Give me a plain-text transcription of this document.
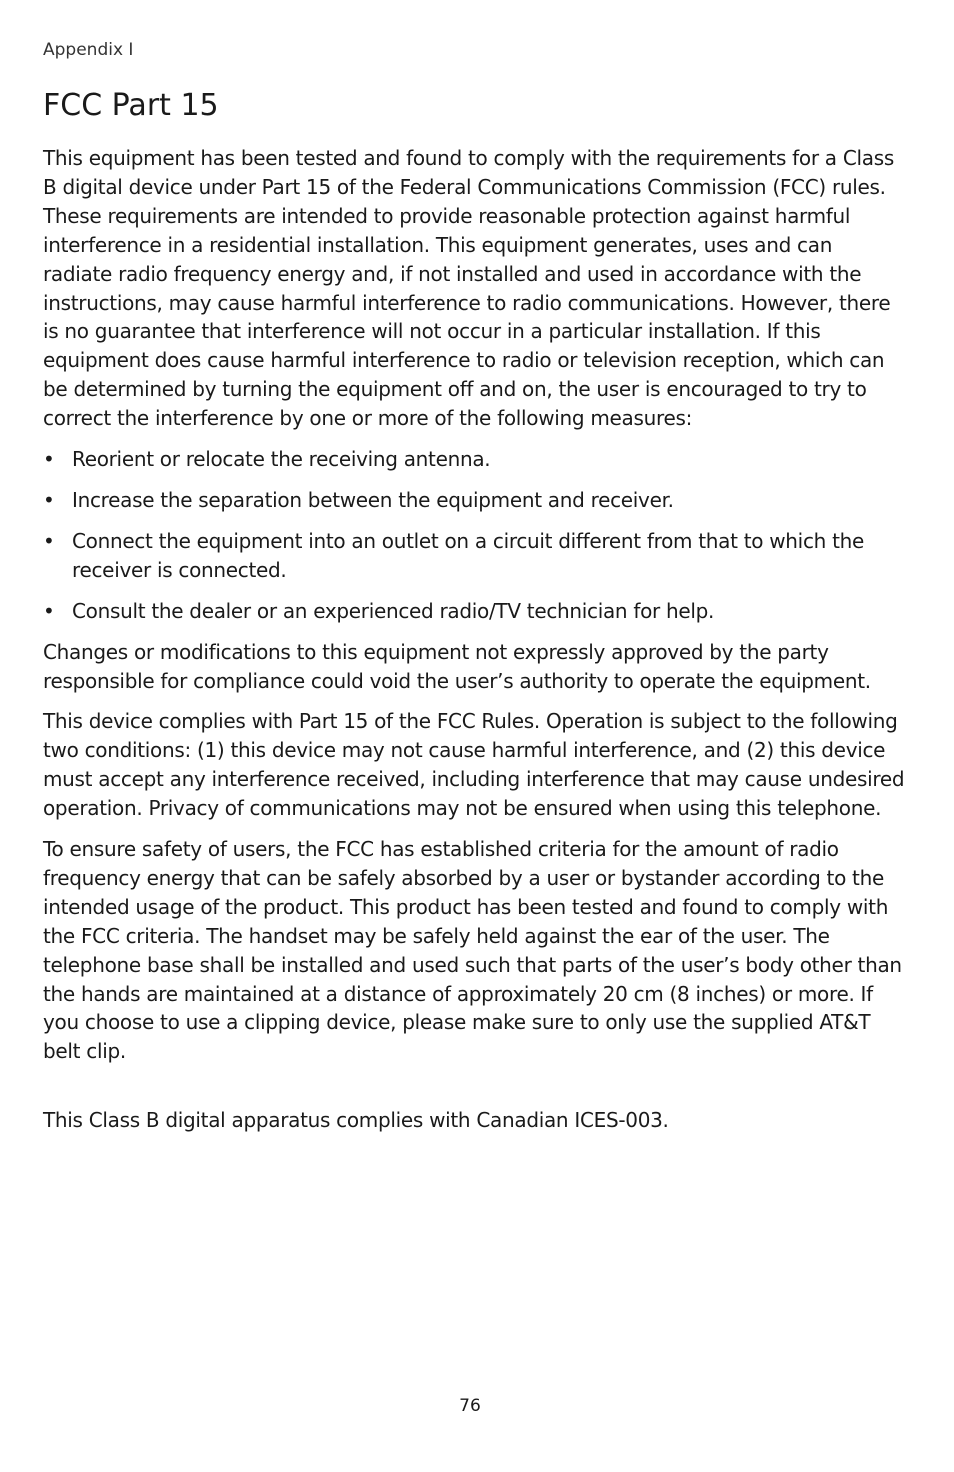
Appendix I
FCC Part 15

This equipment has been tested and found to comply with the requirements for a Class B digital device under Part 15 of the Federal Communications Commission (FCC) rules. These requirements are intended to provide reasonable protection against harmful interference in a residential installation. This equipment generates, uses and can radiate radio frequency energy and, if not installed and used in accordance with the instructions, may cause harmful interference to radio communications. However, there is no guarantee that interference will not occur in a particular installation. If this equipment does cause harmful interference to radio or television reception, which can be determined by turning the equipment off and on, the user is encouraged to try to correct the interference by one or more of the following measures:

• Reorient or relocate the receiving antenna.
• Increase the separation between the equipment and receiver.
• Connect the equipment into an outlet on a circuit different from that to which the receiver is connected.
• Consult the dealer or an experienced radio/TV technician for help.

Changes or modifications to this equipment not expressly approved by the party responsible for compliance could void the user’s authority to operate the equipment.

This device complies with Part 15 of the FCC Rules. Operation is subject to the following two conditions: (1) this device may not cause harmful interference, and (2) this device must accept any interference received, including interference that may cause undesired operation. Privacy of communications may not be ensured when using this telephone.

To ensure safety of users, the FCC has established criteria for the amount of radio frequency energy that can be safely absorbed by a user or bystander according to the intended usage of the product. This product has been tested and found to comply with the FCC criteria. The handset may be safely held against the ear of the user. The telephone base shall be installed and used such that parts of the user’s body other than the hands are maintained at a distance of approximately 20 cm (8 inches) or more. If you choose to use a clipping device, please make sure to only use the supplied AT&T belt clip.

This Class B digital apparatus complies with Canadian ICES-003.

76
